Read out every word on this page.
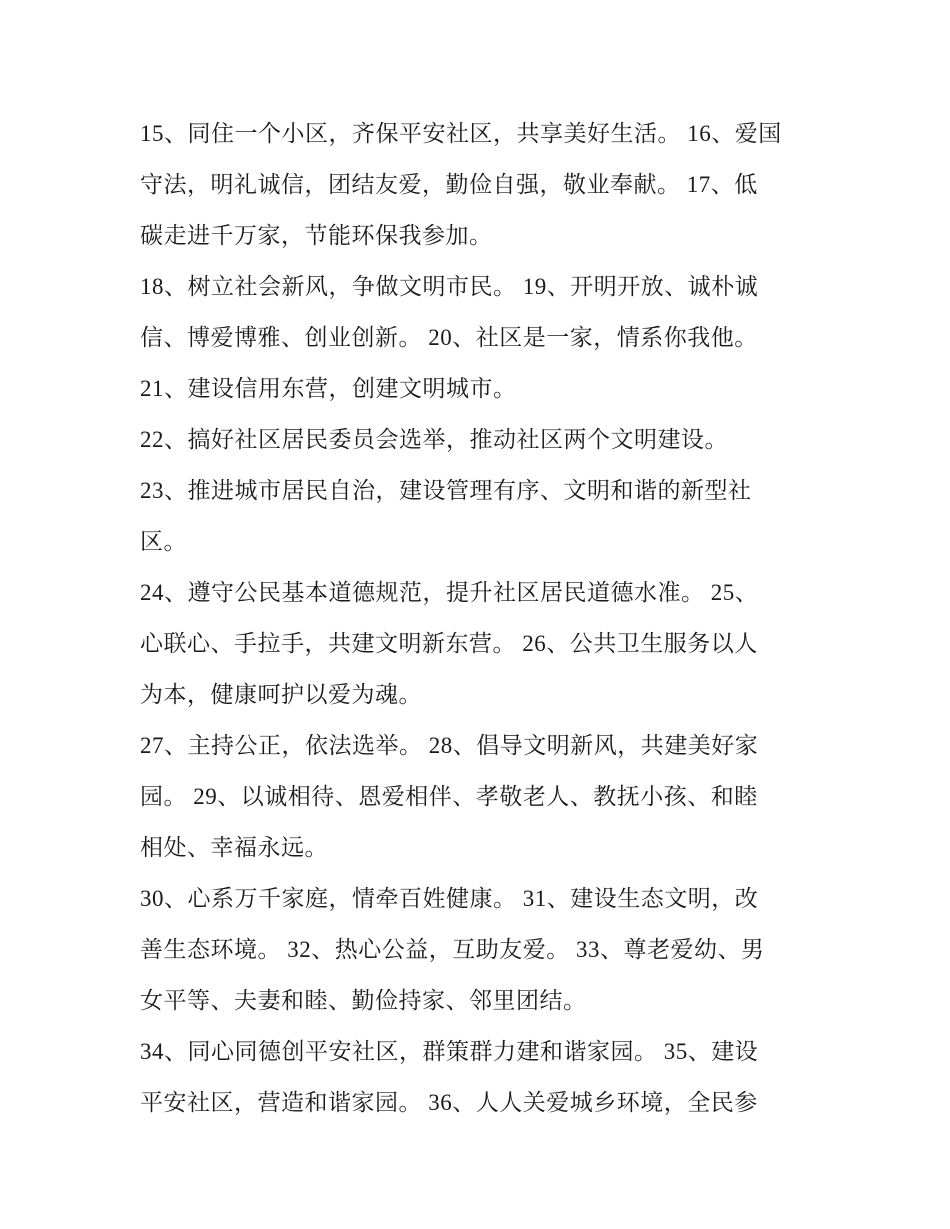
15、同住一个小区，齐保平安社区，共享美好生活。 16、爱国
守法，明礼诚信，团结友爱，勤俭自强，敬业奉献。 17、低
碳走进千万家，节能环保我参加。
18、树立社会新风，争做文明市民。 19、开明开放、诚朴诚
信、博爱博雅、创业创新。 20、社区是一家，情系你我他。
21、建设信用东营，创建文明城市。
22、搞好社区居民委员会选举，推动社区两个文明建设。
23、推进城市居民自治，建设管理有序、文明和谐的新型社
区。
24、遵守公民基本道德规范，提升社区居民道德水准。 25、
心联心、手拉手，共建文明新东营。 26、公共卫生服务以人
为本，健康呵护以爱为魂。
27、主持公正，依法选举。 28、倡导文明新风，共建美好家
园。 29、以诚相待、恩爱相伴、孝敬老人、教抚小孩、和睦
相处、幸福永远。
30、心系万千家庭，情牵百姓健康。 31、建设生态文明，改
善生态环境。 32、热心公益，互助友爱。 33、尊老爱幼、男
女平等、夫妻和睦、勤俭持家、邻里团结。
34、同心同德创平安社区，群策群力建和谐家园。 35、建设
平安社区，营造和谐家园。 36、人人关爱城乡环境，全民参
